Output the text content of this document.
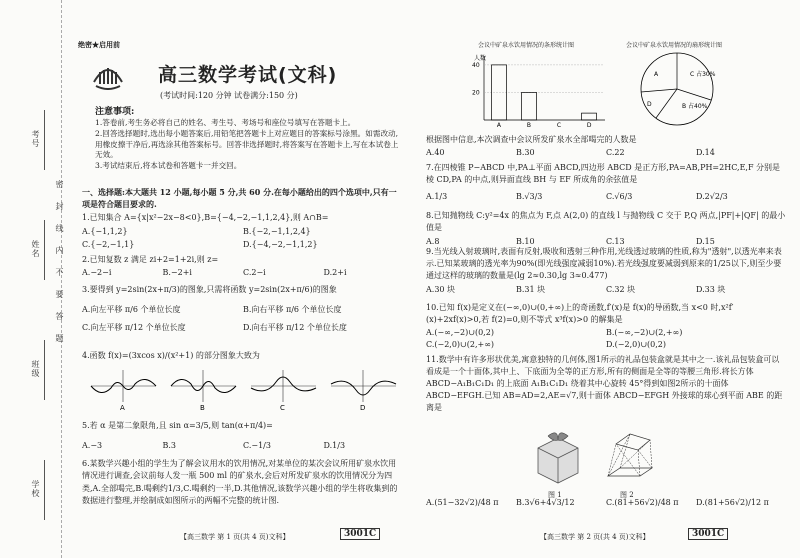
考号
姓名
班级
学校
密封线内不要答题
绝密★启用前
高三数学考试(文科)
(考试时间:120 分钟 试卷满分:150 分)
注意事项:

1.答卷前,考生务必将自己的姓名、考生号、考场号和座位号填写在答题卡上。

2.回答选择题时,选出每小题答案后,用铅笔把答题卡上对应题目的答案标号涂黑。如需改动,用橡皮擦干净后,再选涂其他答案标号。回答非选择题时,将答案写在答题卡上,写在本试卷上无效。

3.考试结束后,将本试卷和答题卡一并交回。

一、选择题:本大题共 12 小题,每小题 5 分,共 60 分.在每小题给出的四个选项中,只有一项是符合题目要求的.
1.已知集合 A={x|x²−2x−8<0},B={−4,−2,−1,1,2,4},则 A∩B=
A.{−1,1,2}	B.{−2,−1,1,2,4}
C.{−2,−1,1}	D.{−4,−2,−1,1,2}
2.已知复数 z 满足 zi+2=1+2i,则 z=
A.−2−i	B.−2+i	C.2−i	D.2+i
3.要得到 y=2sin(2x+π/3)的图象,只需将函数 y=2sin(2x+π/6)的图象
A.向左平移 π/6 个单位长度	B.向右平移 π/6 个单位长度
C.向左平移 π/12 个单位长度	D.向右平移 π/12 个单位长度
4.函数 f(x)=(3xcos x)/(x²+1) 的部分图象大致为
A	B	C	D
5.若 α 是第二象限角,且 sin α=3/5,则 tan(α+π/4)=
A.−3	B.3	C.−1/3	D.1/3
6.某数学兴趣小组的学生为了解会议用水的饮用情况,对某单位的某次会议所用矿泉水饮用情况进行调查,会议前每人发一瓶 500 ml 的矿泉水,会后对所发矿泉水的饮用情况分为四类,A.全部喝完,B.喝剩约1/3,C.喝剩约一半,D.其他情况,该数学兴趣小组的学生将收集到的数据进行整理,并绘制成如图所示的两幅不完整的统计图.
【高三数学 第 1 页(共 4 页)文科】	3001C
会议中矿泉水饮用情况的条形统计图
人数
40
20
A	B	C	D
会议中矿泉水饮用情况的扇形统计图
C 占30%
B 占40%
A
D
根据图中信息,本次调查中会议所发矿泉水全部喝完的人数是
A.40	B.30	C.22	D.14
7.在四棱锥 P−ABCD 中,PA⊥平面 ABCD,四边形 ABCD 是正方形,PA=AB,PH=2HC,E,F 分别是棱 CD,PA 的中点,则异面直线 BH 与 EF 所成角的余弦值是
A.1/3	B.√3/3	C.√6/3	D.2√2/3
8.已知抛物线 C:y²=4x 的焦点为 F,点 A(2,0) 的直线 l 与抛物线 C 交于 P,Q 两点,|PF|+|QF| 的最小值是
A.8	B.10	C.13	D.15
9.当光线入射玻璃时,表面有反射,吸收和透射三种作用,光线透过玻璃的性质,称为"透射",以透光率来表示.已知某玻璃的透光率为90%(即光线强度减弱10%).若光线强度要减弱到原来的1/25以下,则至少要通过这样的玻璃的数量是(lg 2≈0.30,lg 3≈0.477)
A.30 块	B.31 块	C.32 块	D.33 块
10.已知 f(x)是定义在(−∞,0)∪(0,+∞)上的奇函数,f′(x)是 f(x)的导函数,当 x<0 时,x²f′(x)+2xf(x)>0,若 f(2)=0,则不等式 x³f(x)>0 的解集是
A.(−∞,−2)∪(0,2)	B.(−∞,−2)∪(2,+∞)
C.(−2,0)∪(2,+∞)	D.(−2,0)∪(0,2)
11.数学中有许多形状优美,寓意独特的几何体,图1所示的礼品包装盒就是其中之一.该礼品包装盒可以看成是一个十面体,其中上、下底面为全等的正方形,所有的侧面是全等的等腰三角形.将长方体 ABCD−A₁B₁C₁D₁ 的上底面 A₁B₁C₁D₁ 绕着其中心旋转 45°得到如图2所示的十面体 ABCD−EFGH.已知 AB=AD=2,AE=√7,则十面体 ABCD−EFGH 外接球的球心到平面 ABE 的距离是
图 1	图 2
A.(51−32√2)/48 π	B.3√6+4√3/12	C.(81+56√2)/48 π	D.(81+56√2)/12 π
【高三数学 第 2 页(共 4 页)文科】	3001C
